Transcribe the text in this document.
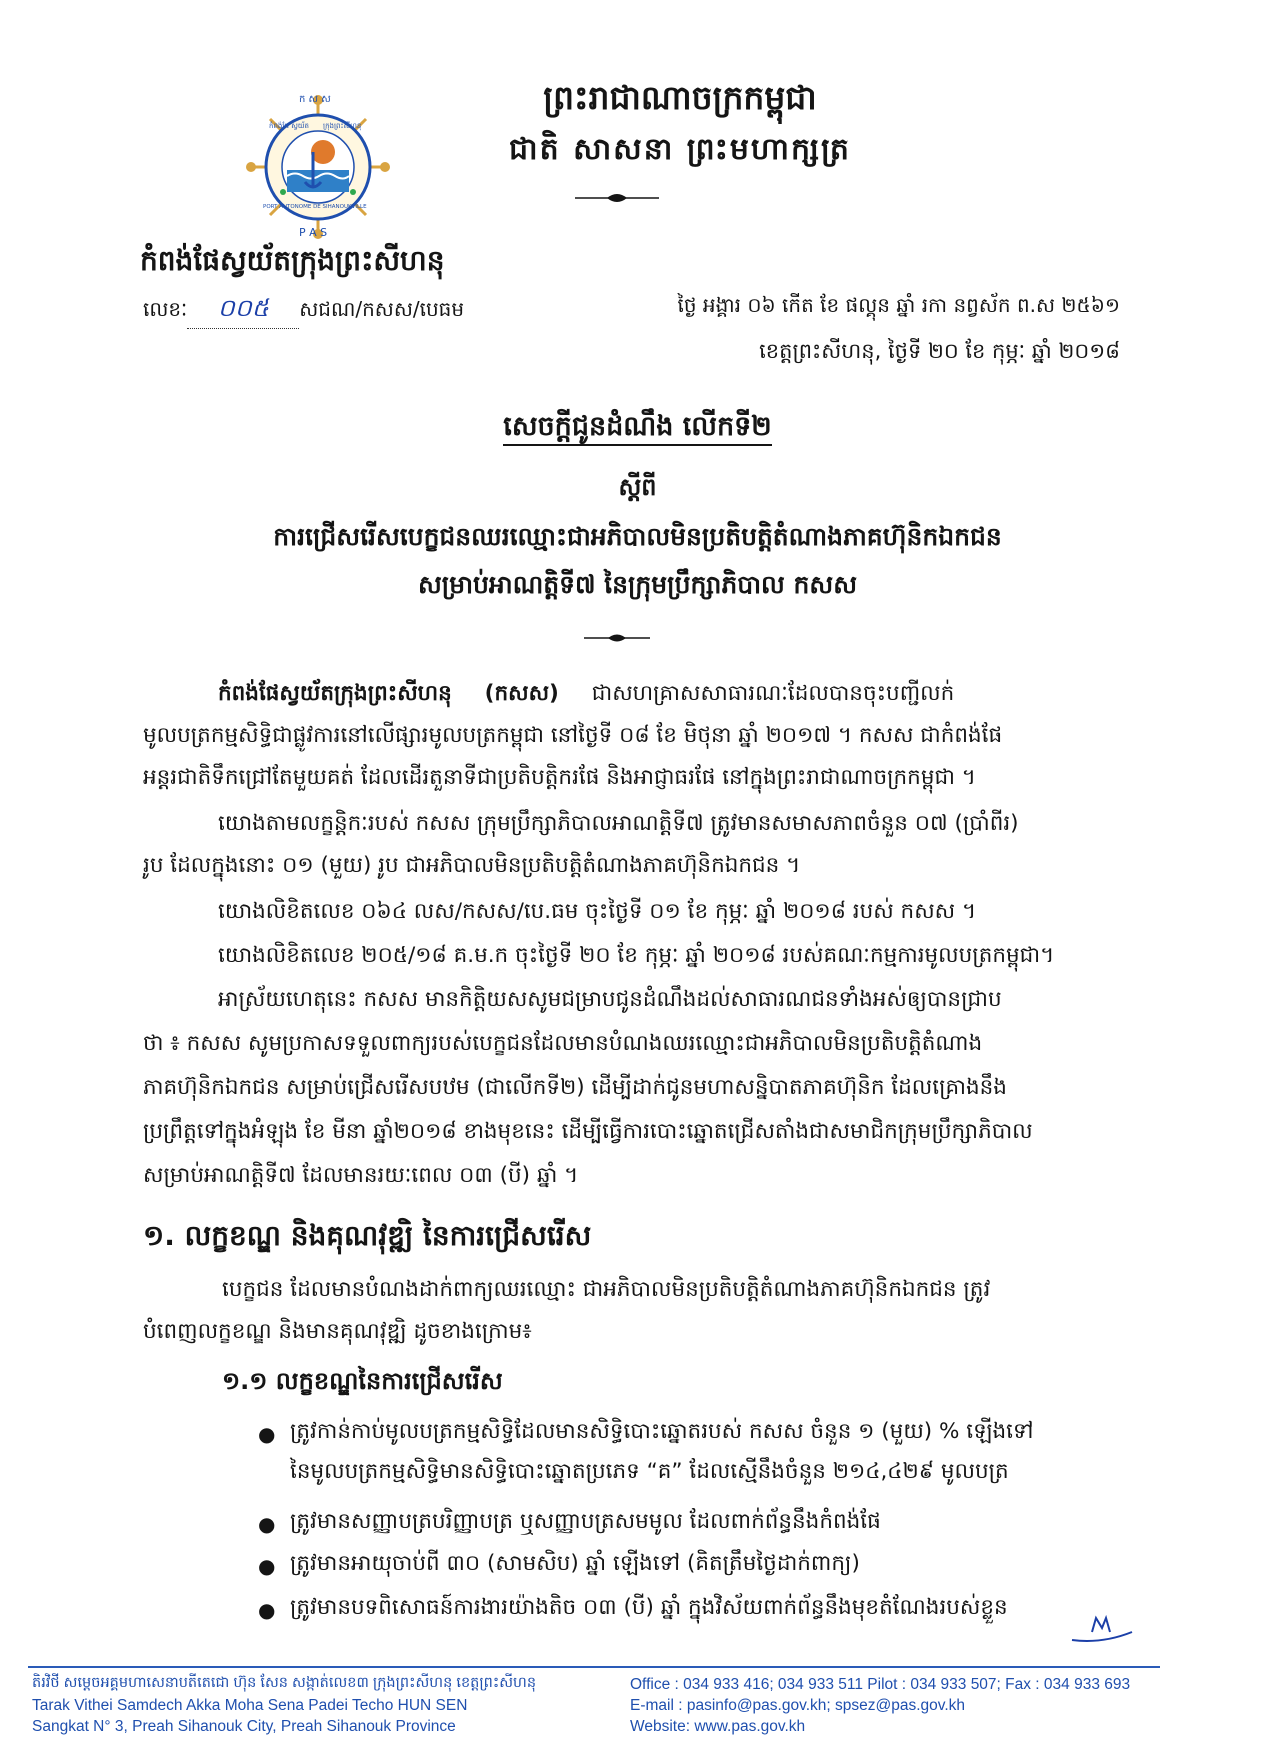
ក ស ស
កំពង់ផែ ស្វយ័ត ក្រុងព្រះសីហនុ
PORT AUTONOME DE SIHANOUKVILLE
P A S
ព្រះរាជាណាចក្រកម្ពុជា
ជាតិ សាសនា ព្រះមហាក្សត្រ
កំពង់ផែស្វយ័តក្រុងព្រះសីហនុ
លេខៈ ០០៥ សជណ/កសស/បេធម	ថ្ងៃ អង្គារ ០៦ កើត ខែ ផល្គុន ឆ្នាំ រកា នព្វស័ក ព.ស ២៥៦១
ខេត្តព្រះសីហនុ, ថ្ងៃទី ២០ ខែ កុម្ភៈ ឆ្នាំ ២០១៨
សេចក្ដីជូនដំណឹង លើកទី២
ស្ដីពី
ការជ្រើសរើសបេក្ខជនឈរឈ្មោះជាអភិបាលមិនប្រតិបត្តិតំណាងភាគហ៊ុនិកឯកជន
សម្រាប់អាណត្តិទី៧ នៃក្រុមប្រឹក្សាភិបាល កសស
កំពង់ផែស្វយ័តក្រុងព្រះសីហនុ (កសស) ជាសហគ្រាសសាធារណៈដែលបានចុះបញ្ជីលក់
មូលបត្រកម្មសិទ្ធិជាផ្លូវការនៅលើផ្សារមូលបត្រកម្ពុជា នៅថ្ងៃទី ០៨ ខែ មិថុនា ឆ្នាំ ២០១៧ ។ កសស ជាកំពង់ផែ
អន្តរជាតិទឹកជ្រៅតែមួយគត់ ដែលដើរតួនាទីជាប្រតិបត្តិករផែ និងអាជ្ញាធរផែ នៅក្នុងព្រះរាជាណាចក្រកម្ពុជា ។
យោងតាមលក្ខន្តិកៈរបស់ កសស ក្រុមប្រឹក្សាភិបាលអាណត្តិទី៧ ត្រូវមានសមាសភាពចំនួន ០៧ (ប្រាំពីរ)
រូប ដែលក្នុងនោះ ០១ (មួយ) រូប ជាអភិបាលមិនប្រតិបត្តិតំណាងភាគហ៊ុនិកឯកជន ។
យោងលិខិតលេខ ០៦៤ លស/កសស/បេ.ធម ចុះថ្ងៃទី ០១ ខែ កុម្ភៈ ឆ្នាំ ២០១៨ របស់ កសស ។
យោងលិខិតលេខ ២០៥/១៨ គ.ម.ក ចុះថ្ងៃទី ២០ ខែ កុម្ភៈ ឆ្នាំ ២០១៨ របស់គណៈកម្មការមូលបត្រកម្ពុជា។
អាស្រ័យហេតុនេះ កសស មានកិត្តិយសសូមជម្រាបជូនដំណឹងដល់សាធារណជនទាំងអស់ឲ្យបានជ្រាប
ថា ៖ កសស សូមប្រកាសទទួលពាក្យរបស់បេក្ខជនដែលមានបំណងឈរឈ្មោះជាអភិបាលមិនប្រតិបត្តិតំណាង
ភាគហ៊ុនិកឯកជន សម្រាប់ជ្រើសរើសបឋម (ជាលើកទី២) ដើម្បីដាក់ជូនមហាសន្និបាតភាគហ៊ុនិក ដែលគ្រោងនឹង
ប្រព្រឹត្តទៅក្នុងអំឡុង ខែ មីនា ឆ្នាំ២០១៨ ខាងមុខនេះ ដើម្បីធ្វើការបោះឆ្នោតជ្រើសតាំងជាសមាជិកក្រុមប្រឹក្សាភិបាល
សម្រាប់អាណត្តិទី៧ ដែលមានរយៈពេល ០៣ (បី) ឆ្នាំ ។
១. លក្ខខណ្ឌ និងគុណវុឌ្ឍិ នៃការជ្រើសរើស
បេក្ខជន ដែលមានបំណងដាក់ពាក្យឈរឈ្មោះ ជាអភិបាលមិនប្រតិបត្តិតំណាងភាគហ៊ុនិកឯកជន ត្រូវ
បំពេញលក្ខខណ្ឌ និងមានគុណវុឌ្ឍិ ដូចខាងក្រោម៖
១.១ លក្ខខណ្ឌនៃការជ្រើសរើស
● ត្រូវកាន់កាប់មូលបត្រកម្មសិទ្ធិដែលមានសិទ្ធិបោះឆ្នោតរបស់ កសស ចំនួន ១ (មួយ) % ឡើងទៅ
នៃមូលបត្រកម្មសិទ្ធិមានសិទ្ធិបោះឆ្នោតប្រភេទ “គ” ដែលស្មើនឹងចំនួន ២១៤,៤២៩ មូលបត្រ
● ត្រូវមានសញ្ញាបត្របរិញ្ញាបត្រ ឬសញ្ញាបត្រសមមូល ដែលពាក់ព័ន្ធនឹងកំពង់ផែ
● ត្រូវមានអាយុចាប់ពី ៣០ (សាមសិប) ឆ្នាំ ឡើងទៅ (គិតត្រឹមថ្ងៃដាក់ពាក្យ)
● ត្រូវមានបទពិសោធន៍ការងារយ៉ាងតិច ០៣ (បី) ឆ្នាំ ក្នុងវិស័យពាក់ព័ន្ធនឹងមុខតំណែងរបស់ខ្លួន
តិរវិថី សម្ដេចអគ្គមហាសេនាបតីតេជោ ហ៊ុន សែន សង្កាត់លេខ៣ ក្រុងព្រះសីហនុ ខេត្តព្រះសីហនុ
Tarak Vithei Samdech Akka Moha Sena Padei Techo HUN SEN
Sangkat N° 3, Preah Sihanouk City, Preah Sihanouk Province
Office : 034 933 416; 034 933 511 Pilot : 034 933 507; Fax : 034 933 693
E-mail : pasinfo@pas.gov.kh; spsez@pas.gov.kh
Website: www.pas.gov.kh
